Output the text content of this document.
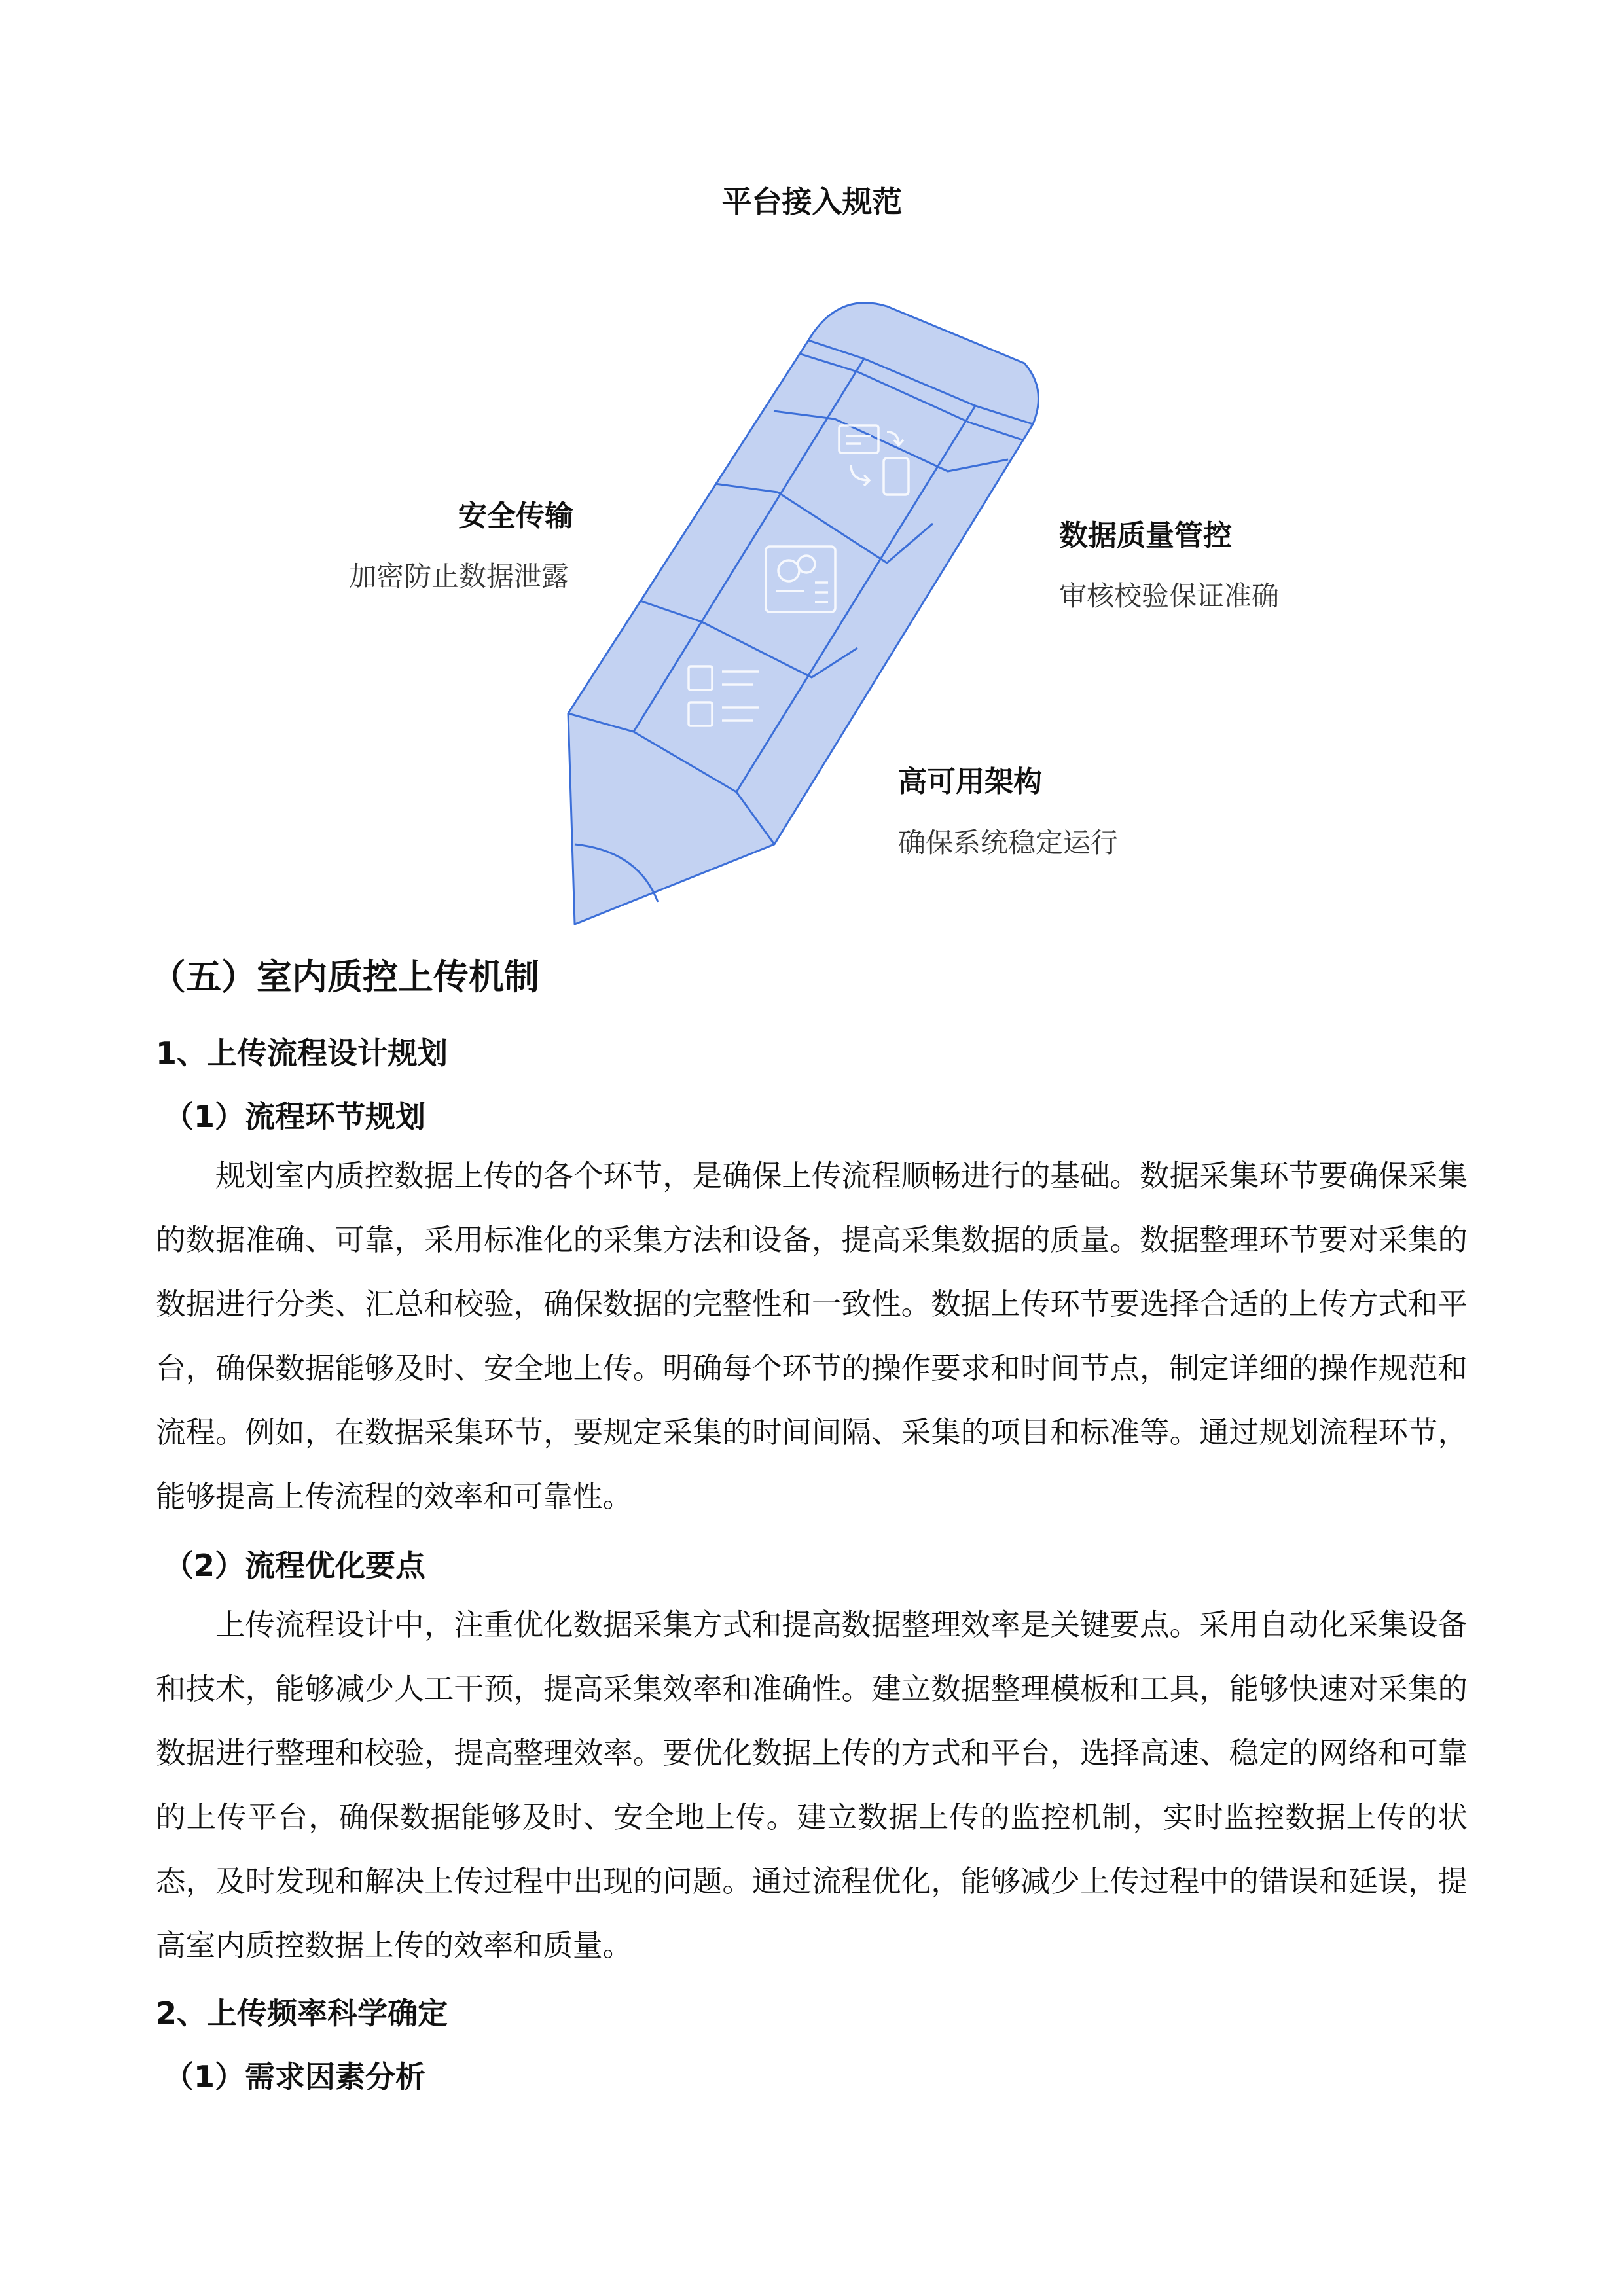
平台接入规范
安全传输
加密防止数据泄露
数据质量管控
审核校验保证准确
高可用架构
确保系统稳定运行
（五）室内质控上传机制
1、上传流程设计规划
（1）流程环节规划

规划室内质控数据上传的各个环节，是确保上传流程顺畅进行的基础。数据采集环节要确保采集的数据准确、可靠，采用标准化的采集方法和设备，提高采集数据的质量。数据整理环节要对采集的数据进行分类、汇总和校验，确保数据的完整性和一致性。数据上传环节要选择合适的上传方式和平台，确保数据能够及时、安全地上传。明确每个环节的操作要求和时间节点，制定详细的操作规范和流程。例如，在数据采集环节，要规定采集的时间间隔、采集的项目和标准等。通过规划流程环节，能够提高上传流程的效率和可靠性。

（2）流程优化要点

上传流程设计中，注重优化数据采集方式和提高数据整理效率是关键要点。采用自动化采集设备和技术，能够减少人工干预，提高采集效率和准确性。建立数据整理模板和工具，能够快速对采集的数据进行整理和校验，提高整理效率。要优化数据上传的方式和平台，选择高速、稳定的网络和可靠的上传平台，确保数据能够及时、安全地上传。建立数据上传的监控机制，实时监控数据上传的状态，及时发现和解决上传过程中出现的问题。通过流程优化，能够减少上传过程中的错误和延误，提高室内质控数据上传的效率和质量。

2、上传频率科学确定
（1）需求因素分析
